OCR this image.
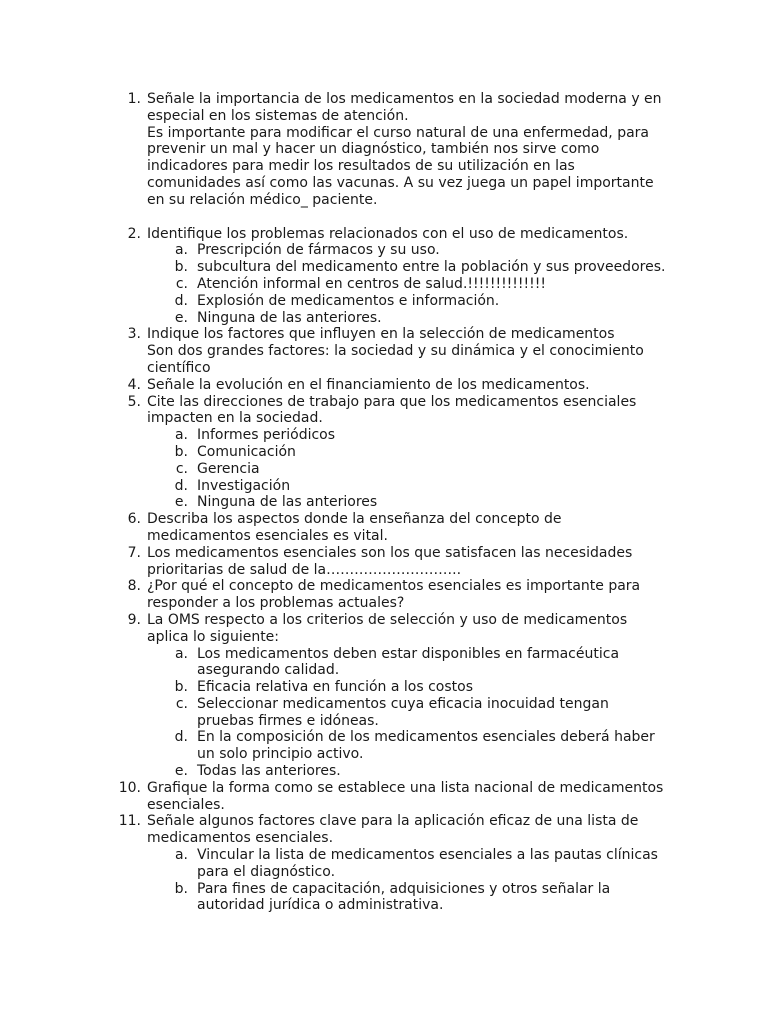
1. Señale la importancia de los medicamentos en la sociedad moderna y en
especial en los sistemas de atención.
Es importante para modificar el curso natural de una enfermedad, para
prevenir un mal y hacer un diagnóstico, también nos sirve como
indicadores para medir los resultados de su utilización en las
comunidades así como las vacunas. A su vez juega un papel importante
en su relación médico_ paciente.
2. Identifique los problemas relacionados con el uso de medicamentos.
a. Prescripción de fármacos y su uso.
b. subcultura del medicamento entre la población y sus proveedores.
c. Atención informal en centros de salud.!!!!!!!!!!!!!!
d. Explosión de medicamentos e información.
e. Ninguna de las anteriores.
3. Indique los factores que influyen en la selección de medicamentos
Son dos grandes factores: la sociedad y su dinámica y el conocimiento
científico
4. Señale la evolución en el financiamiento de los medicamentos.
5. Cite las direcciones de trabajo para que los medicamentos esenciales
impacten en la sociedad.
a. Informes periódicos
b. Comunicación
c. Gerencia
d. Investigación
e. Ninguna de las anteriores
6. Describa los aspectos donde la enseñanza del concepto de
medicamentos esenciales es vital.
7. Los medicamentos esenciales son los que satisfacen las necesidades
prioritarias de salud de la………………………..
8. ¿Por qué el concepto de medicamentos esenciales es importante para
responder a los problemas actuales?
9. La OMS respecto a los criterios de selección y uso de medicamentos
aplica lo siguiente:
a. Los medicamentos deben estar disponibles en farmacéutica
asegurando calidad.
b. Eficacia relativa en función a los costos
c. Seleccionar medicamentos cuya eficacia inocuidad tengan
pruebas firmes e idóneas.
d. En la composición de los medicamentos esenciales deberá haber
un solo principio activo.
e. Todas las anteriores.
10. Grafique la forma como se establece una lista nacional de medicamentos
esenciales.
11. Señale algunos factores clave para la aplicación eficaz de una lista de
medicamentos esenciales.
a. Vincular la lista de medicamentos esenciales a las pautas clínicas
para el diagnóstico.
b. Para fines de capacitación, adquisiciones y otros señalar la
autoridad jurídica o administrativa.
